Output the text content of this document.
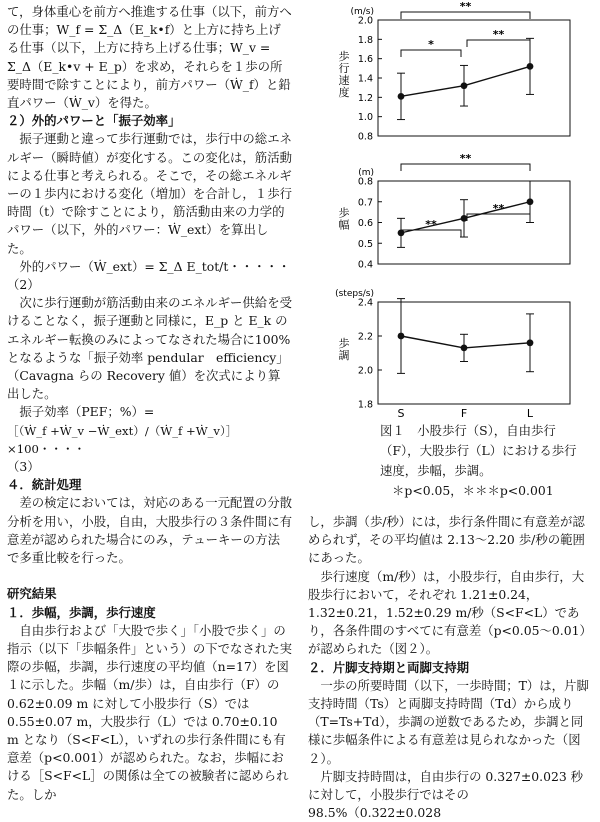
て，身体重心を前方へ推進する仕事（以下，前方への仕事；W_f = Σ_Δ（E_k•f）と上方に持ち上げる仕事（以下，上方に持ち上げる仕事；W_v = Σ_Δ（E_k•v + E_p）を求め，それらを１歩の所要時間で除すことにより，前方パワー（Ẇ_f）と鉛直パワー（Ẇ_v）を得た。

２）外的パワーと「振子効率」

振子運動と違って歩行運動では，歩行中の総エネルギー（瞬時値）が変化する。この変化は，筋活動による仕事と考えられる。そこで，その総エネルギーの１歩内における変化（増加）を合計し，１歩行時間（t）で除すことにより，筋活動由来の力学的パワー（以下，外的パワー：Ẇ_ext）を算出した。

外的パワー（Ẇ_ext）= Σ_Δ E_tot/t・・・・・（2）

次に歩行運動が筋活動由来のエネルギー供給を受けることなく，振子運動と同様に，E_p と E_k のエネルギー転換のみによってなされた場合に100%となるような「振子効率 pendular　efficiency」（Cavagna らの Recovery 値）を次式により算出した。

振子効率（PEF；%）=

［（Ẇ_f +Ẇ_v −Ẇ_ext）/（Ẇ_f +Ẇ_v）］×100・・・・

（3）

４．統計処理

差の検定においては，対応のある一元配置の分散分析を用い，小股，自由，大股歩行の３条件間に有意差が認められた場合にのみ，テューキーの方法で多重比較を行った。

研究結果

１．歩幅，歩調，歩行速度

自由歩行および「大股で歩く」「小股で歩く」の指示（以下「歩幅条件」という）の下でなされた実際の歩幅，歩調，歩行速度の平均値（n=17）を図１に示した。歩幅（m/歩）は，自由歩行（F）の 0.62±0.09 m に対して小股歩行（S）では 0.55±0.07 m，大股歩行（L）では 0.70±0.10 m となり（S<F<L），いずれの歩行条件間にも有意差（p<0.001）が認められた。なお，歩幅における［S<F<L］の関係は全ての被験者に認められた。しか

(m/s)
歩
行
速
度
0.8
1.0
1.2
1.4
1.6
1.8
2.0
*
**
**
(m)
歩
幅
0.4
0.5
0.6
0.7
0.8
**
**
**
(steps/s)
歩
調
1.8
2.0
2.2
2.4
S	F	L
図１　小股歩行（S），自由歩行（F），大股歩行（L）における歩行速度，歩幅，歩調。
＊p<0.05，＊＊＊p<0.001

し，歩調（歩/秒）には，歩行条件間に有意差が認められず，その平均値は 2.13〜2.20 歩/秒の範囲にあった。

歩行速度（m/秒）は，小股歩行，自由歩行，大股歩行において，それぞれ 1.21±0.24，1.32±0.21，1.52±0.29 m/秒（S<F<L）であり，各条件間のすべてに有意差（p<0.05〜0.01）が認められた（図２）。

２．片脚支持期と両脚支持期

一歩の所要時間（以下，一歩時間；T）は，片脚支持時間（Ts）と両脚支持時間（Td）から成り（T=Ts+Td），歩調の逆数であるため，歩調と同様に歩幅条件による有意差は見られなかった（図２）。

片脚支持時間は，自由歩行の 0.327±0.023 秒に対して，小股歩行ではその 98.5%（0.322±0.028
